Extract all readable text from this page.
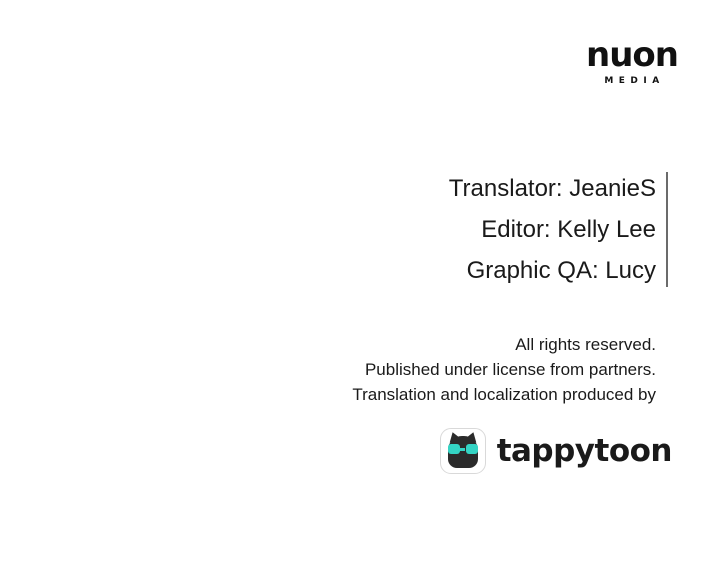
nuon
MEDIA
Translator: JeanieS
Editor: Kelly Lee
Graphic QA: Lucy
All rights reserved.
Published under license from partners.
Translation and localization produced by
tappytoon
